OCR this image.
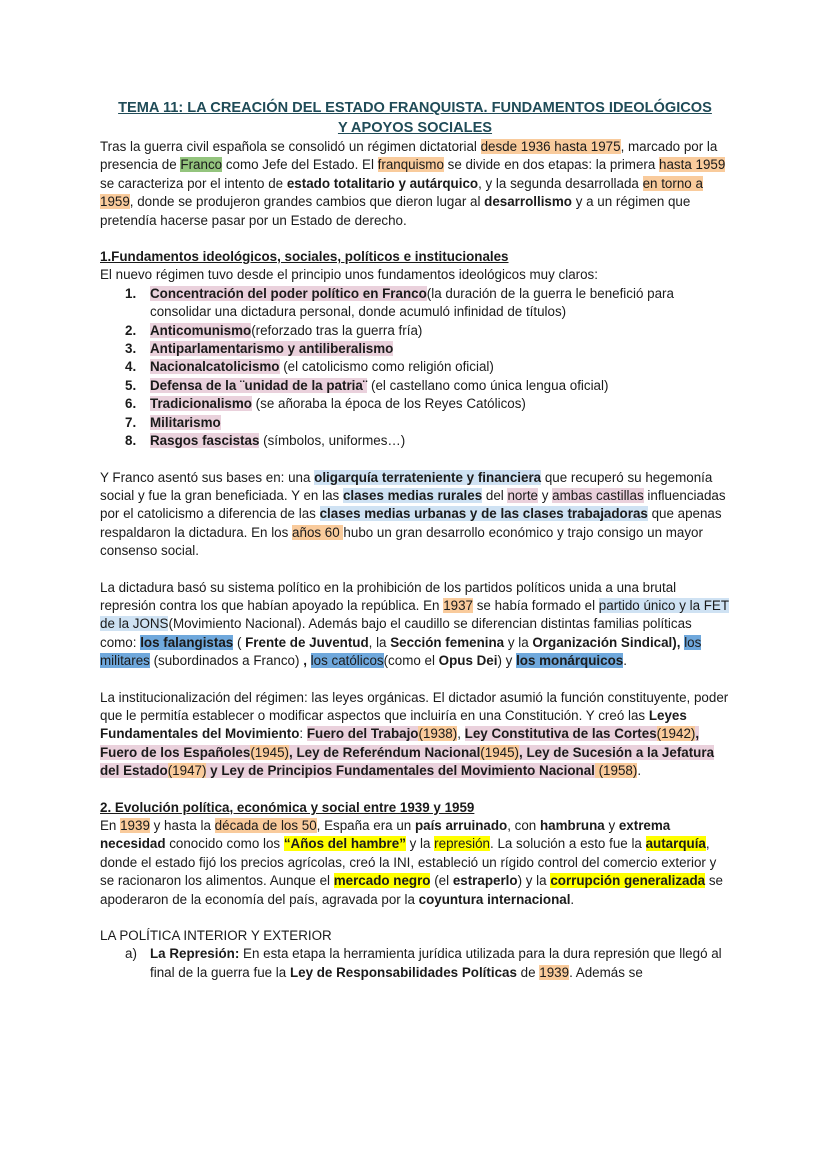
TEMA 11: LA CREACIÓN DEL ESTADO FRANQUISTA. FUNDAMENTOS IDEOLÓGICOS
Y APOYOS SOCIALES

Tras la guerra civil española se consolidó un régimen dictatorial desde 1936 hasta 1975, marcado por la presencia de Franco como Jefe del Estado. El franquismo se divide en dos etapas: la primera hasta 1959 se caracteriza por el intento de estado totalitario y autárquico, y la segunda desarrollada en torno a 1959, donde se produjeron grandes cambios que dieron lugar al desarrollismo y a un régimen que pretendía hacerse pasar por un Estado de derecho.

1.Fundamentos ideológicos, sociales, políticos e institucionales

El nuevo régimen tuvo desde el principio unos fundamentos ideológicos muy claros:

1. Concentración del poder político en Franco(la duración de la guerra le benefició para consolidar una dictadura personal, donde acumuló infinidad de títulos)
2. Anticomunismo(reforzado tras la guerra fría)
3. Antiparlamentarismo y antiliberalismo
4. Nacionalcatolicismo (el catolicismo como religión oficial)
5. Defensa de la ¨unidad de la patria¨ (el castellano como única lengua oficial)
6. Tradicionalismo (se añoraba la época de los Reyes Católicos)
7. Militarismo
8. Rasgos fascistas (símbolos, uniformes…)

Y Franco asentó sus bases en: una oligarquía terrateniente y financiera que recuperó su hegemonía social y fue la gran beneficiada. Y en las clases medias rurales del norte y ambas castillas influenciadas por el catolicismo a diferencia de las clases medias urbanas y de las clases trabajadoras que apenas respaldaron la dictadura. En los años 60 hubo un gran desarrollo económico y trajo consigo un mayor consenso social.

La dictadura basó su sistema político en la prohibición de los partidos políticos unida a una brutal represión contra los que habían apoyado la república. En 1937 se había formado el partido único y la FET de la JONS(Movimiento Nacional). Además bajo el caudillo se diferencian distintas familias políticas como: los falangistas ( Frente de Juventud, la Sección femenina y la Organización Sindical), los militares (subordinados a Franco) , los católicos(como el Opus Dei) y los monárquicos.

La institucionalización del régimen: las leyes orgánicas. El dictador asumió la función constituyente, poder que le permitía establecer o modificar aspectos que incluiría en una Constitución. Y creó las Leyes Fundamentales del Movimiento: Fuero del Trabajo(1938), Ley Constitutiva de las Cortes(1942), Fuero de los Españoles(1945), Ley de Referéndum Nacional(1945), Ley de Sucesión a la Jefatura del Estado(1947) y Ley de Principios Fundamentales del Movimiento Nacional (1958).

2. Evolución política, económica y social entre 1939 y 1959

En 1939 y hasta la década de los 50, España era un país arruinado, con hambruna y extrema necesidad conocido como los “Años del hambre” y la represión. La solución a esto fue la autarquía, donde el estado fijó los precios agrícolas, creó la INI, estableció un rígido control del comercio exterior y se racionaron los alimentos. Aunque el mercado negro (el estraperlo) y la corrupción generalizada se apoderaron de la economía del país, agravada por la coyuntura internacional.

LA POLÍTICA INTERIOR Y EXTERIOR

a) La Represión: En esta etapa la herramienta jurídica utilizada para la dura represión que llegó al final de la guerra fue la Ley de Responsabilidades Políticas de 1939. Además se
